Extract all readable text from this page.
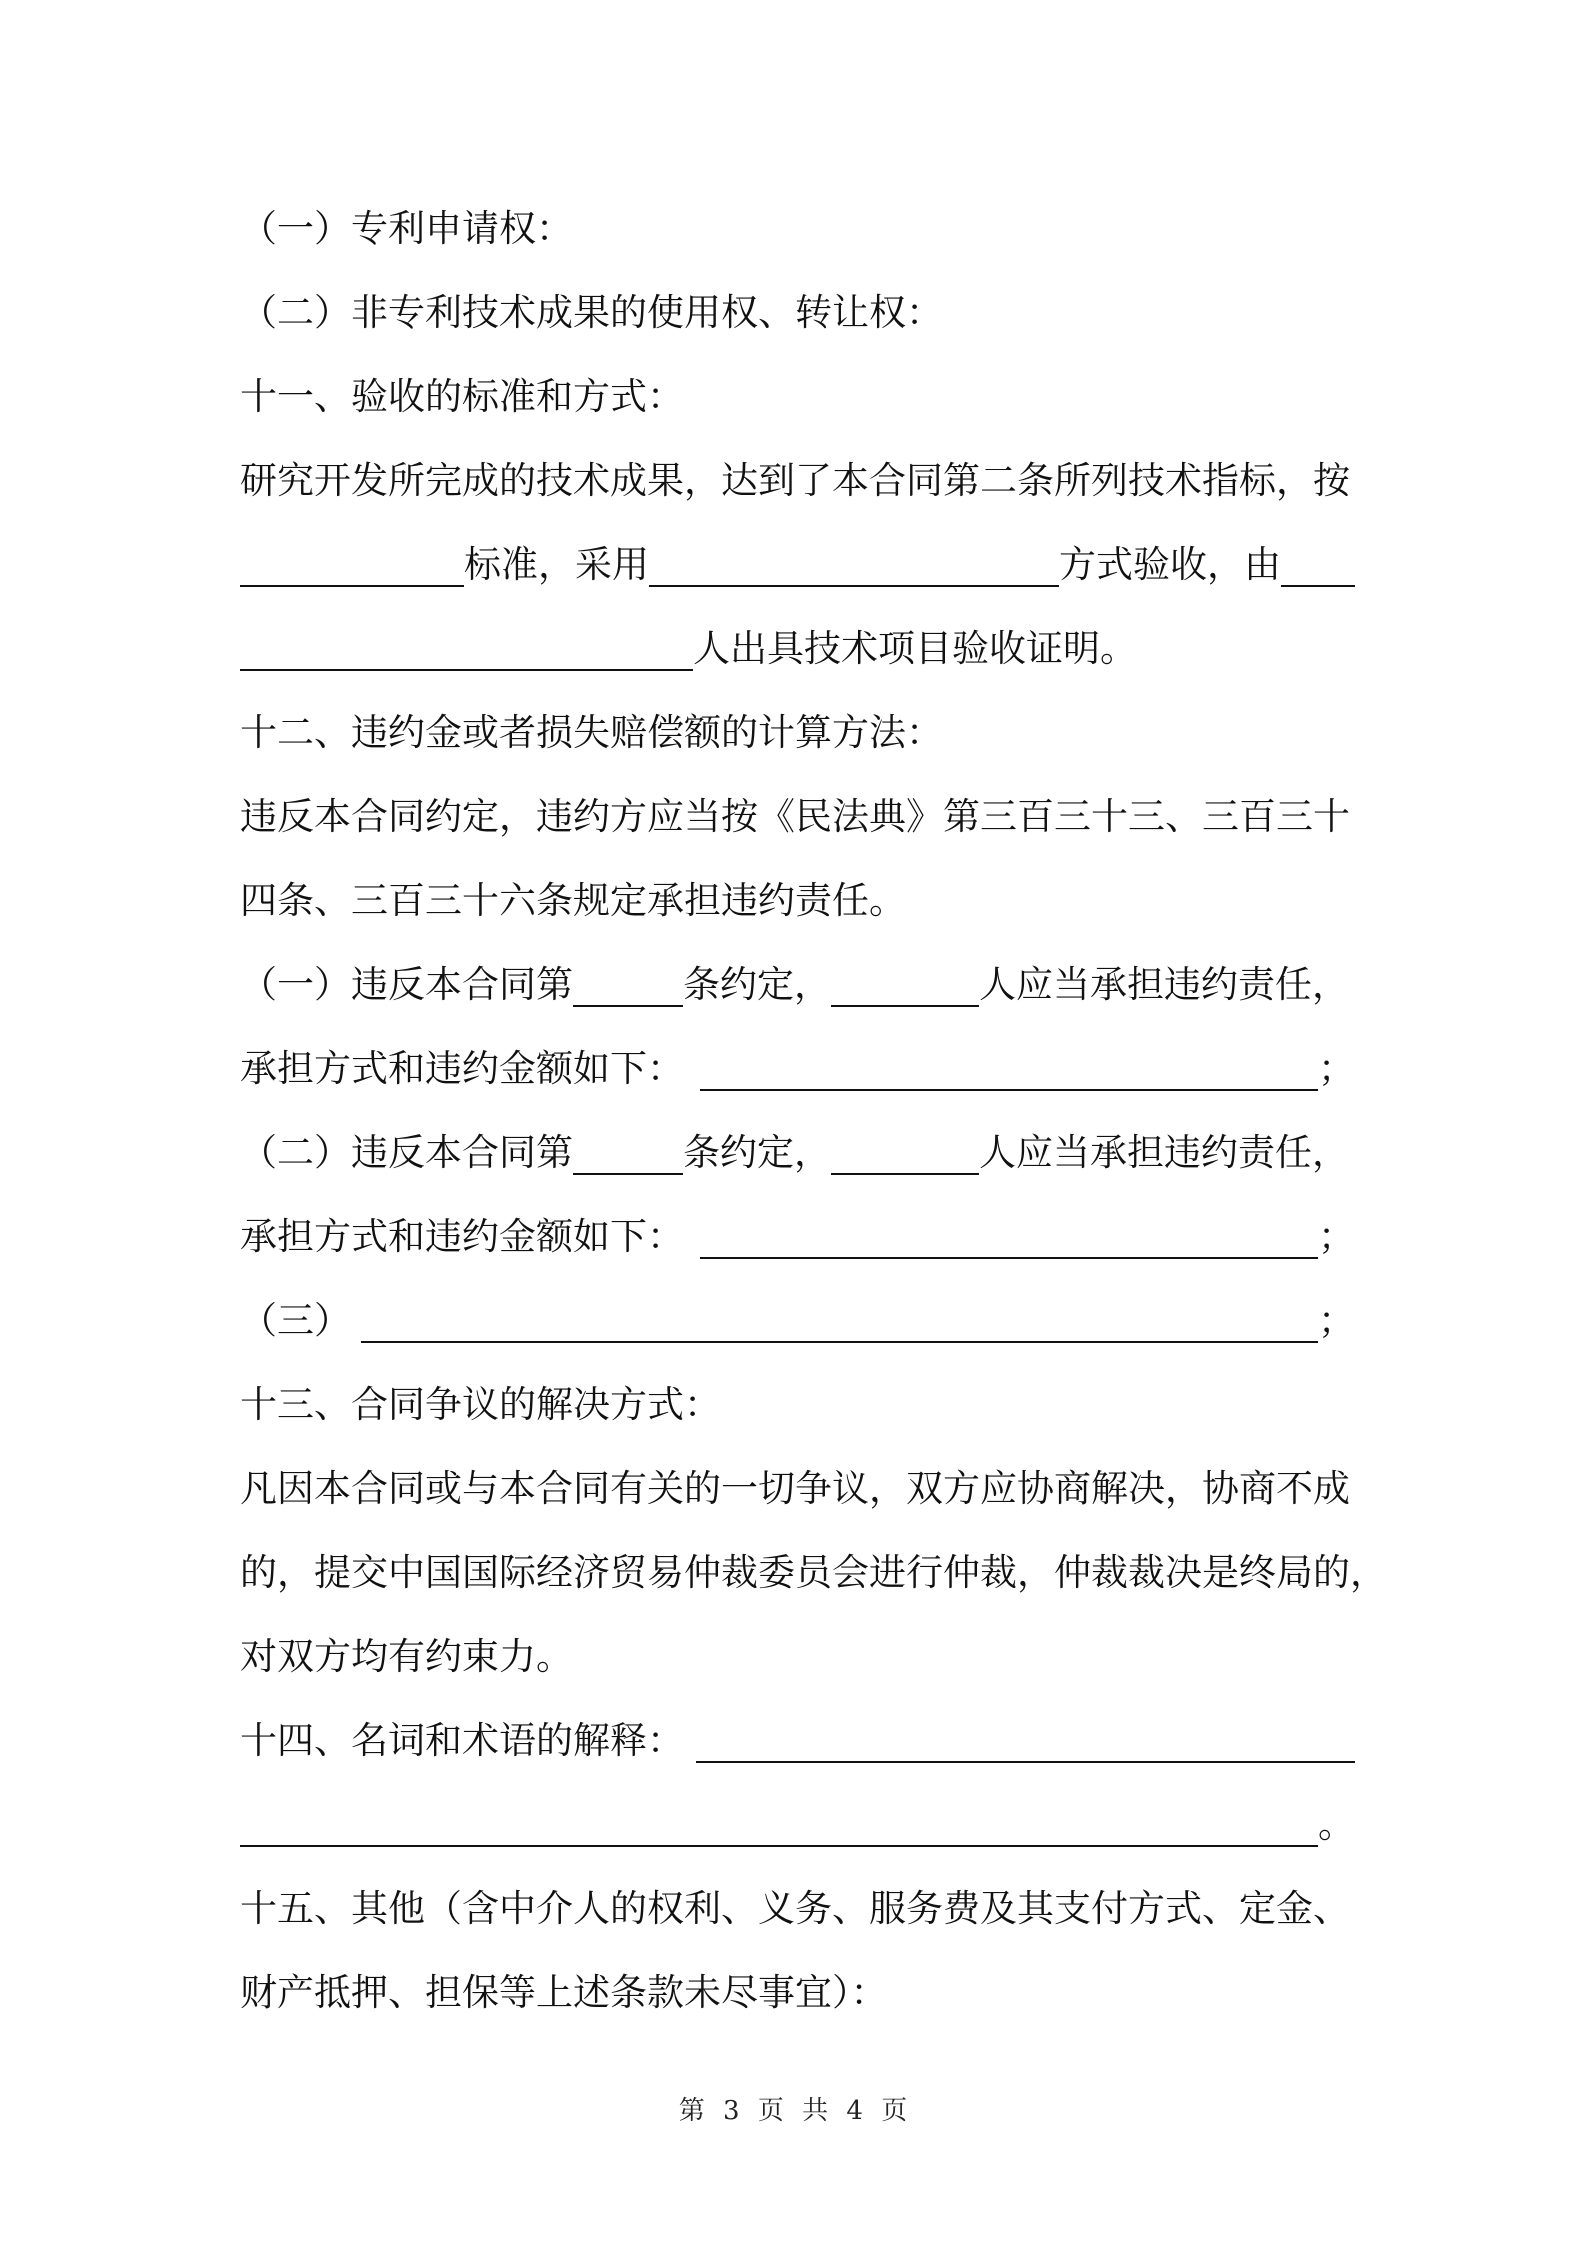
（一）专利申请权：
（二）非专利技术成果的使用权、转让权：
十一、验收的标准和方式：
研究开发所完成的技术成果，达到了本合同第二条所列技术指标，按
标准，采用	方式验收，由
人出具技术项目验收证明。
十二、违约金或者损失赔偿额的计算方法：
违反本合同约定，违约方应当按《民法典》第三百三十三、三百三十
四条、三百三十六条规定承担违约责任。
（一）违反本合同第	条约定，	人应当承担违约责任，
承担方式和违约金额如下：	；
（二）违反本合同第	条约定，	人应当承担违约责任，
承担方式和违约金额如下：	；
（三）	；
十三、合同争议的解决方式：
凡因本合同或与本合同有关的一切争议，双方应协商解决，协商不成
的，提交中国国际经济贸易仲裁委员会进行仲裁，仲裁裁决是终局的，
对双方均有约束力。
十四、名词和术语的解释：
。
十五、其他（含中介人的权利、义务、服务费及其支付方式、定金、
财产抵押、担保等上述条款未尽事宜）：
第 3 页 共 4 页
